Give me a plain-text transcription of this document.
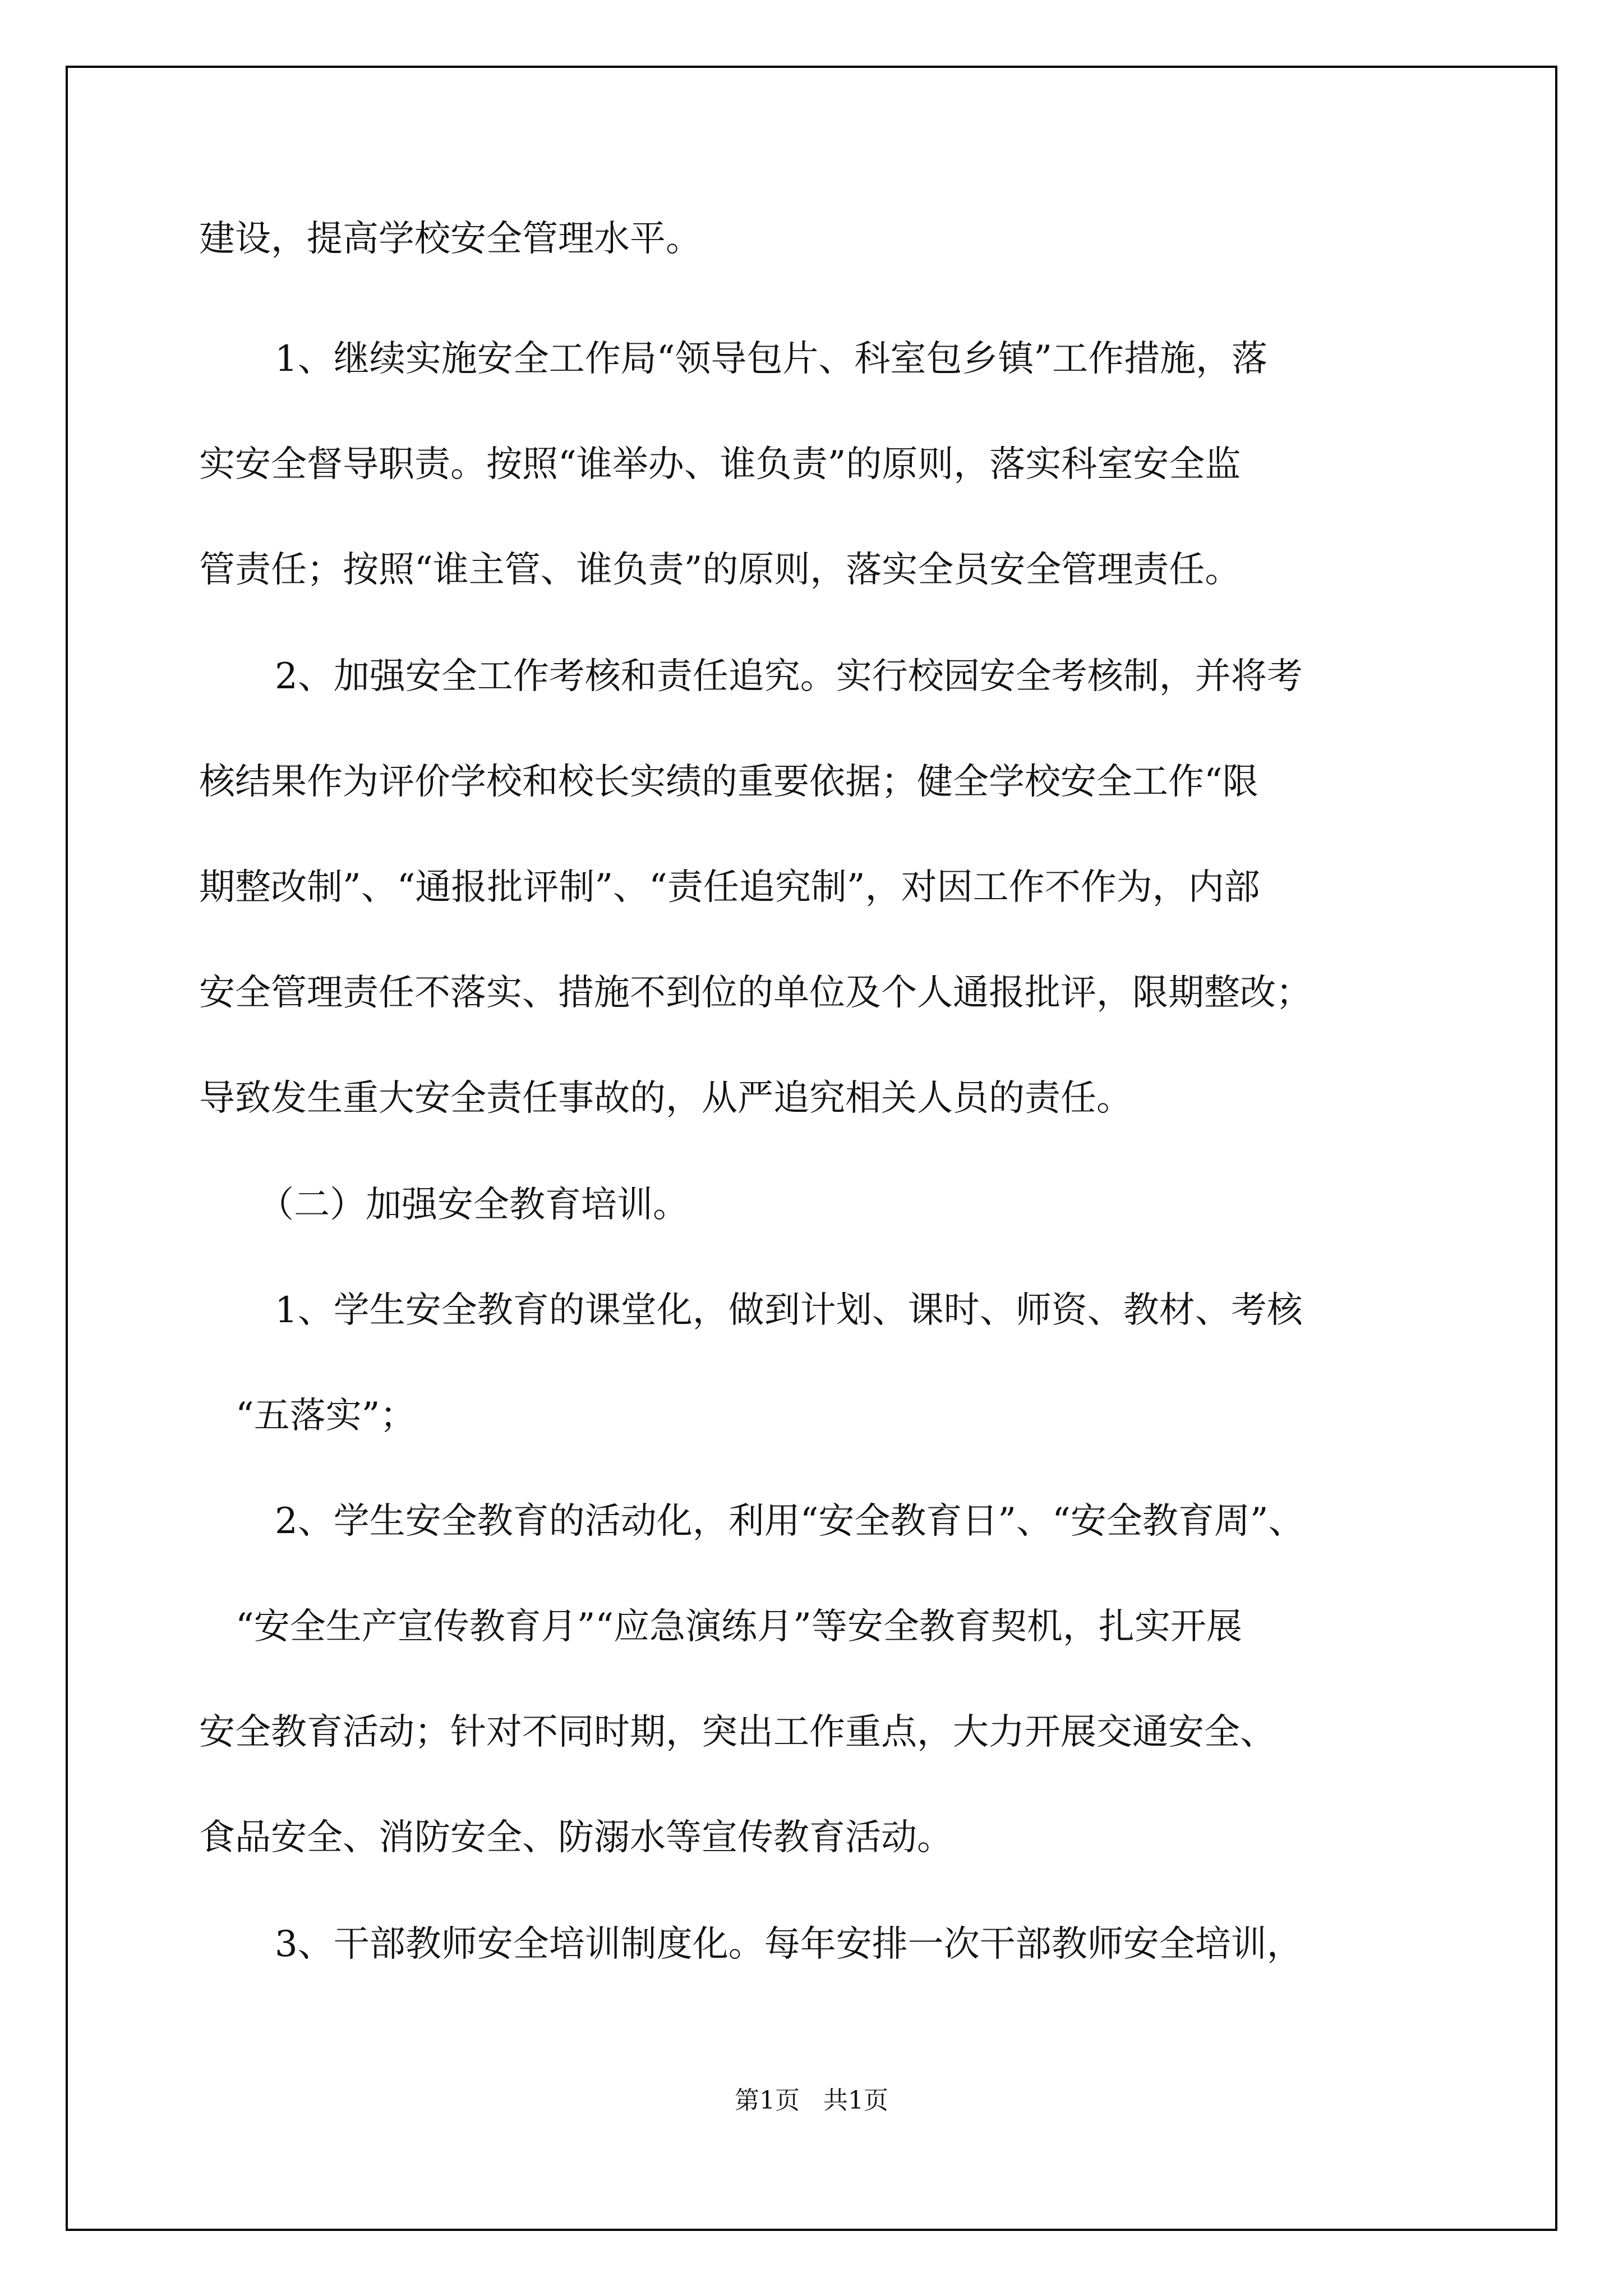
建设，提高学校安全管理水平。
1、继续实施安全工作局“领导包片、科室包乡镇”工作措施，落
实安全督导职责。按照“谁举办、谁负责”的原则，落实科室安全监
管责任；按照“谁主管、谁负责”的原则，落实全员安全管理责任。
2、加强安全工作考核和责任追究。实行校园安全考核制，并将考
核结果作为评价学校和校长实绩的重要依据；健全学校安全工作“限
期整改制”、“通报批评制”、“责任追究制”，对因工作不作为，内部
安全管理责任不落实、措施不到位的单位及个人通报批评，限期整改；
导致发生重大安全责任事故的，从严追究相关人员的责任。
（二）加强安全教育培训。
1、学生安全教育的课堂化，做到计划、课时、师资、教材、考核
“五落实”；
2、学生安全教育的活动化，利用“安全教育日”、“安全教育周”、
“安全生产宣传教育月”“应急演练月”等安全教育契机，扎实开展
安全教育活动；针对不同时期，突出工作重点，大力开展交通安全、
食品安全、消防安全、防溺水等宣传教育活动。
3、干部教师安全培训制度化。每年安排一次干部教师安全培训，
第1页   共1页
